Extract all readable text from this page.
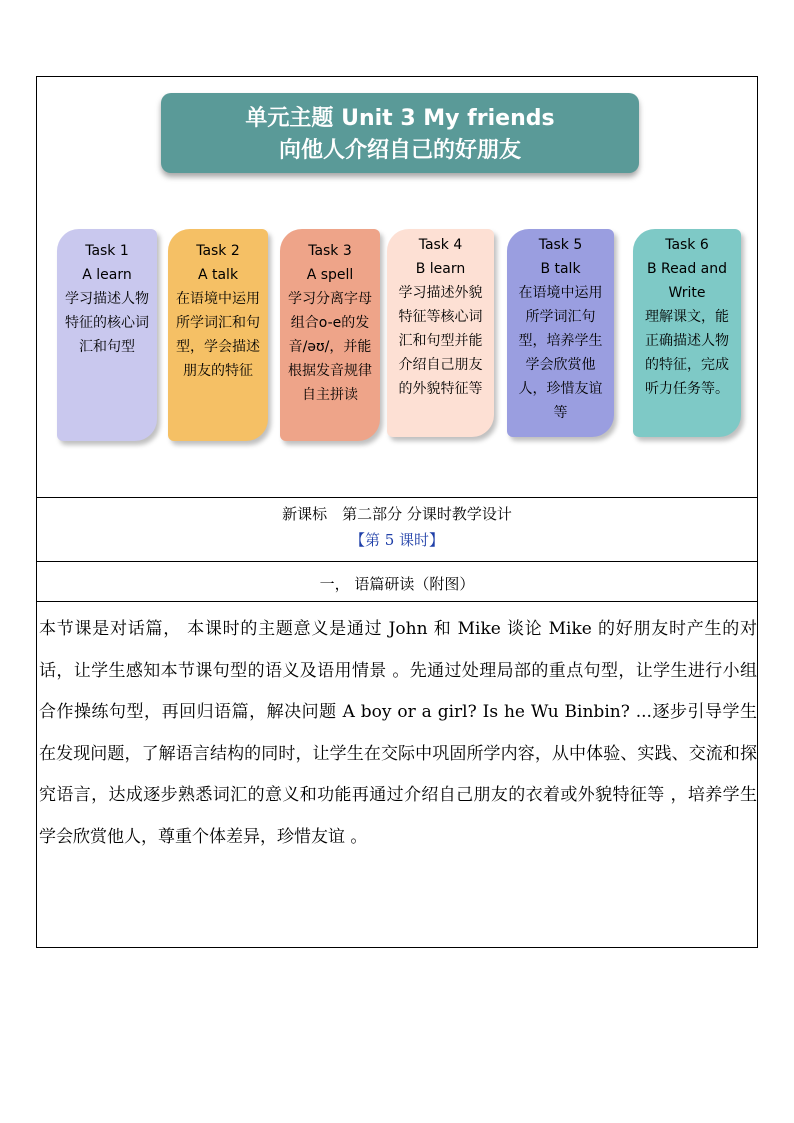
单元主题 Unit 3 My friends
向他人介绍自己的好朋友
Task 1
A learn
学习描述人物特征的核心词汇和句型
Task 2
A talk
在语境中运用所学词汇和句型，学会描述朋友的特征
Task 3
A spell
学习分离字母组合o-e的发音/əʊ/，并能根据发音规律自主拼读
Task 4
B learn
学习描述外貌特征等核心词汇和句型并能介绍自己朋友的外貌特征等
Task 5
B talk
在语境中运用所学词汇句型，培养学生学会欣赏他人，珍惜友谊等
Task 6
B Read and Write
理解课文，能正确描述人物的特征，完成听力任务等。
新课标　第二部分 分课时教学设计
【第 5 课时】
一， 语篇研读（附图）
本节课是对话篇， 本课时的主题意义是通过 John 和 Mike 谈论 Mike 的好朋友时产生的对话，让学生感知本节课句型的语义及语用情景 。先通过处理局部的重点句型，让学生进行小组合作操练句型，再回归语篇，解决问题 A boy or a girl? Is he Wu Binbin? ...逐步引导学生在发现问题，了解语言结构的同时，让学生在交际中巩固所学内容，从中体验、实践、交流和探究语言，达成逐步熟悉词汇的意义和功能再通过介绍自己朋友的衣着或外貌特征等 ，培养学生学会欣赏他人，尊重个体差异，珍惜友谊 。
